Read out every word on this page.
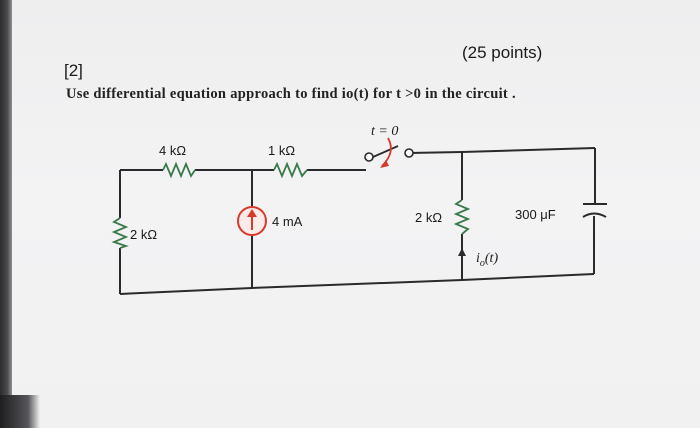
[2]
(25 points)
Use differential equation approach to find io(t) for t >0 in the circuit .
4 kΩ	1 kΩ
2 kΩ
4 mA	2 kΩ	300 μF
t = 0
$i_o(t)$
